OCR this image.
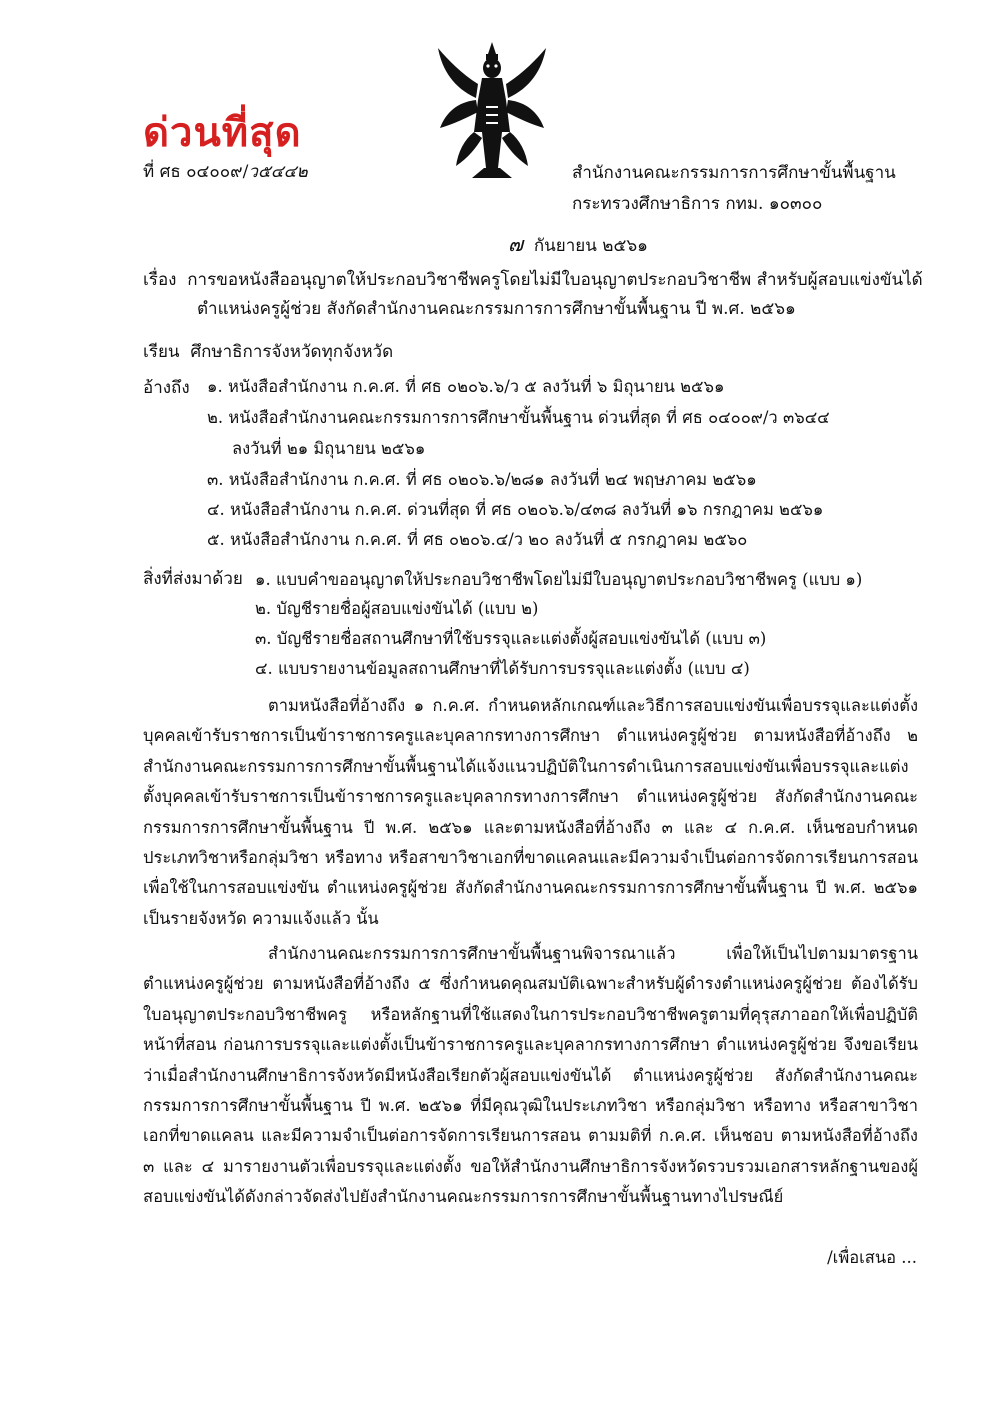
ด่วนที่สุด
ที่ ศธ ๐๔๐๐๙/ว๕๔๔๒	สำนักงานคณะกรรมการการศึกษาขั้นพื้นฐาน
กระทรวงศึกษาธิการ กทม. ๑๐๓๐๐
๗ กันยายน ๒๕๖๑
เรื่อง การขอหนังสืออนุญาตให้ประกอบวิชาชีพครูโดยไม่มีใบอนุญาตประกอบวิชาชีพ สำหรับผู้สอบแข่งขันได้
ตำแหน่งครูผู้ช่วย สังกัดสำนักงานคณะกรรมการการศึกษาขั้นพื้นฐาน ปี พ.ศ. ๒๕๖๑
เรียน ศึกษาธิการจังหวัดทุกจังหวัด
อ้างถึง ๑. หนังสือสำนักงาน ก.ค.ศ. ที่ ศธ ๐๒๐๖.๖/ว ๕ ลงวันที่ ๖ มิถุนายน ๒๕๖๑
๒. หนังสือสำนักงานคณะกรรมการการศึกษาขั้นพื้นฐาน ด่วนที่สุด ที่ ศธ ๐๔๐๐๙/ว ๓๖๔๔
ลงวันที่ ๒๑ มิถุนายน ๒๕๖๑
๓. หนังสือสำนักงาน ก.ค.ศ. ที่ ศธ ๐๒๐๖.๖/๒๘๑ ลงวันที่ ๒๔ พฤษภาคม ๒๕๖๑
๔. หนังสือสำนักงาน ก.ค.ศ. ด่วนที่สุด ที่ ศธ ๐๒๐๖.๖/๔๓๘ ลงวันที่ ๑๖ กรกฎาคม ๒๕๖๑
๕. หนังสือสำนักงาน ก.ค.ศ. ที่ ศธ ๐๒๐๖.๔/ว ๒๐ ลงวันที่ ๕ กรกฎาคม ๒๕๖๐
สิ่งที่ส่งมาด้วย ๑. แบบคำขออนุญาตให้ประกอบวิชาชีพโดยไม่มีใบอนุญาตประกอบวิชาชีพครู (แบบ ๑)
๒. บัญชีรายชื่อผู้สอบแข่งขันได้ (แบบ ๒)
๓. บัญชีรายชื่อสถานศึกษาที่ใช้บรรจุและแต่งตั้งผู้สอบแข่งขันได้ (แบบ ๓)
๔. แบบรายงานข้อมูลสถานศึกษาที่ได้รับการบรรจุและแต่งตั้ง (แบบ ๔)
ตามหนังสือที่อ้างถึง ๑ ก.ค.ศ. กำหนดหลักเกณฑ์และวิธีการสอบแข่งขันเพื่อบรรจุและแต่งตั้งบุคคลเข้ารับราชการเป็นข้าราชการครูและบุคลากรทางการศึกษา ตำแหน่งครูผู้ช่วย ตามหนังสือที่อ้างถึง ๒ สำนักงานคณะกรรมการการศึกษาขั้นพื้นฐานได้แจ้งแนวปฏิบัติในการดำเนินการสอบแข่งขันเพื่อบรรจุและแต่งตั้งบุคคลเข้ารับราชการเป็นข้าราชการครูและบุคลากรทางการศึกษา ตำแหน่งครูผู้ช่วย สังกัดสำนักงานคณะกรรมการการศึกษาขั้นพื้นฐาน ปี พ.ศ. ๒๕๖๑ และตามหนังสือที่อ้างถึง ๓ และ ๔ ก.ค.ศ. เห็นชอบกำหนดประเภทวิชาหรือกลุ่มวิชา หรือทาง หรือสาขาวิชาเอกที่ขาดแคลนและมีความจำเป็นต่อการจัดการเรียนการสอน เพื่อใช้ในการสอบแข่งขัน ตำแหน่งครูผู้ช่วย สังกัดสำนักงานคณะกรรมการการศึกษาขั้นพื้นฐาน ปี พ.ศ. ๒๕๖๑ เป็นรายจังหวัด ความแจ้งแล้ว นั้น
สำนักงานคณะกรรมการการศึกษาขั้นพื้นฐานพิจารณาแล้ว เพื่อให้เป็นไปตามมาตรฐานตำแหน่งครูผู้ช่วย ตามหนังสือที่อ้างถึง ๕ ซึ่งกำหนดคุณสมบัติเฉพาะสำหรับผู้ดำรงตำแหน่งครูผู้ช่วย ต้องได้รับใบอนุญาตประกอบวิชาชีพครู หรือหลักฐานที่ใช้แสดงในการประกอบวิชาชีพครูตามที่คุรุสภาออกให้เพื่อปฏิบัติหน้าที่สอน ก่อนการบรรจุและแต่งตั้งเป็นข้าราชการครูและบุคลากรทางการศึกษา ตำแหน่งครูผู้ช่วย จึงขอเรียนว่าเมื่อสำนักงานศึกษาธิการจังหวัดมีหนังสือเรียกตัวผู้สอบแข่งขันได้ ตำแหน่งครูผู้ช่วย สังกัดสำนักงานคณะกรรมการการศึกษาขั้นพื้นฐาน ปี พ.ศ. ๒๕๖๑ ที่มีคุณวุฒิในประเภทวิชา หรือกลุ่มวิชา หรือทาง หรือสาขาวิชาเอกที่ขาดแคลน และมีความจำเป็นต่อการจัดการเรียนการสอน ตามมติที่ ก.ค.ศ. เห็นชอบ ตามหนังสือที่อ้างถึง ๓ และ ๔ มารายงานตัวเพื่อบรรจุและแต่งตั้ง ขอให้สำนักงานศึกษาธิการจังหวัดรวบรวมเอกสารหลักฐานของผู้สอบแข่งขันได้ดังกล่าวจัดส่งไปยังสำนักงานคณะกรรมการการศึกษาขั้นพื้นฐานทางไปรษณีย์
/เพื่อเสนอ ...
